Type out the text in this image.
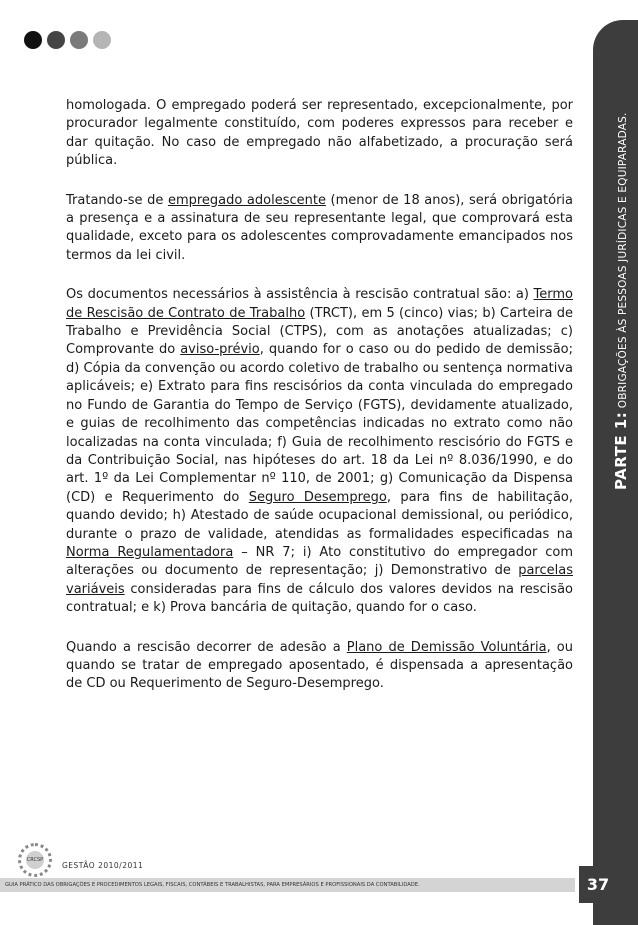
PARTE 1: OBRIGAÇÕES ÀS PESSOAS JURÍDICAS E EQUIPARADAS.

homologada. O empregado poderá ser representado, excepcionalmente, por procurador legalmente constituído, com poderes expressos para receber e dar quitação. No caso de empregado não alfabetizado, a procuração será pública.

Tratando-se de empregado adolescente (menor de 18 anos), será obrigatória a presença e a assinatura de seu representante legal, que comprovará esta qualidade, exceto para os adolescentes comprovadamente emancipados nos termos da lei civil.

Os documentos necessários à assistência à rescisão contratual são: a) Termo de Rescisão de Contrato de Trabalho (TRCT), em 5 (cinco) vias; b) Carteira de Trabalho e Previdência Social (CTPS), com as anotações atualizadas; c) Comprovante do aviso-prévio, quando for o caso ou do pedido de demissão; d) Cópia da convenção ou acordo coletivo de trabalho ou sentença normativa aplicáveis; e) Extrato para fins rescisórios da conta vinculada do empregado no Fundo de Garantia do Tempo de Serviço (FGTS), devidamente atualizado, e guias de recolhimento das competências indicadas no extrato como não localizadas na conta vinculada; f) Guia de recolhimento rescisório do FGTS e da Contribuição Social, nas hipóteses do art. 18 da Lei nº 8.036/1990, e do art. 1º da Lei Complementar nº 110, de 2001; g) Comunicação da Dispensa (CD) e Requerimento do Seguro Desemprego, para fins de habilitação, quando devido; h) Atestado de saúde ocupacional demissional, ou periódico, durante o prazo de validade, atendidas as formalidades especificadas na Norma Regulamentadora – NR 7; i) Ato constitutivo do empregador com alterações ou documento de representação; j) Demonstrativo de parcelas variáveis consideradas para fins de cálculo dos valores devidos na rescisão contratual; e k) Prova bancária de quitação, quando for o caso.

Quando a rescisão decorrer de adesão a Plano de Demissão Voluntária, ou quando se tratar de empregado aposentado, é dispensada a apresentação de CD ou Requerimento de Seguro-Desemprego.

CRCSP
GESTÃO 2010/2011
GUIA PRÁTICO DAS OBRIGAÇÕES E PROCEDIMENTOS LEGAIS, FISCAIS, CONTÁBEIS E TRABALHISTAS, PARA EMPRESÁRIOS E PROFISSIONAIS DA CONTABILIDADE.	37
